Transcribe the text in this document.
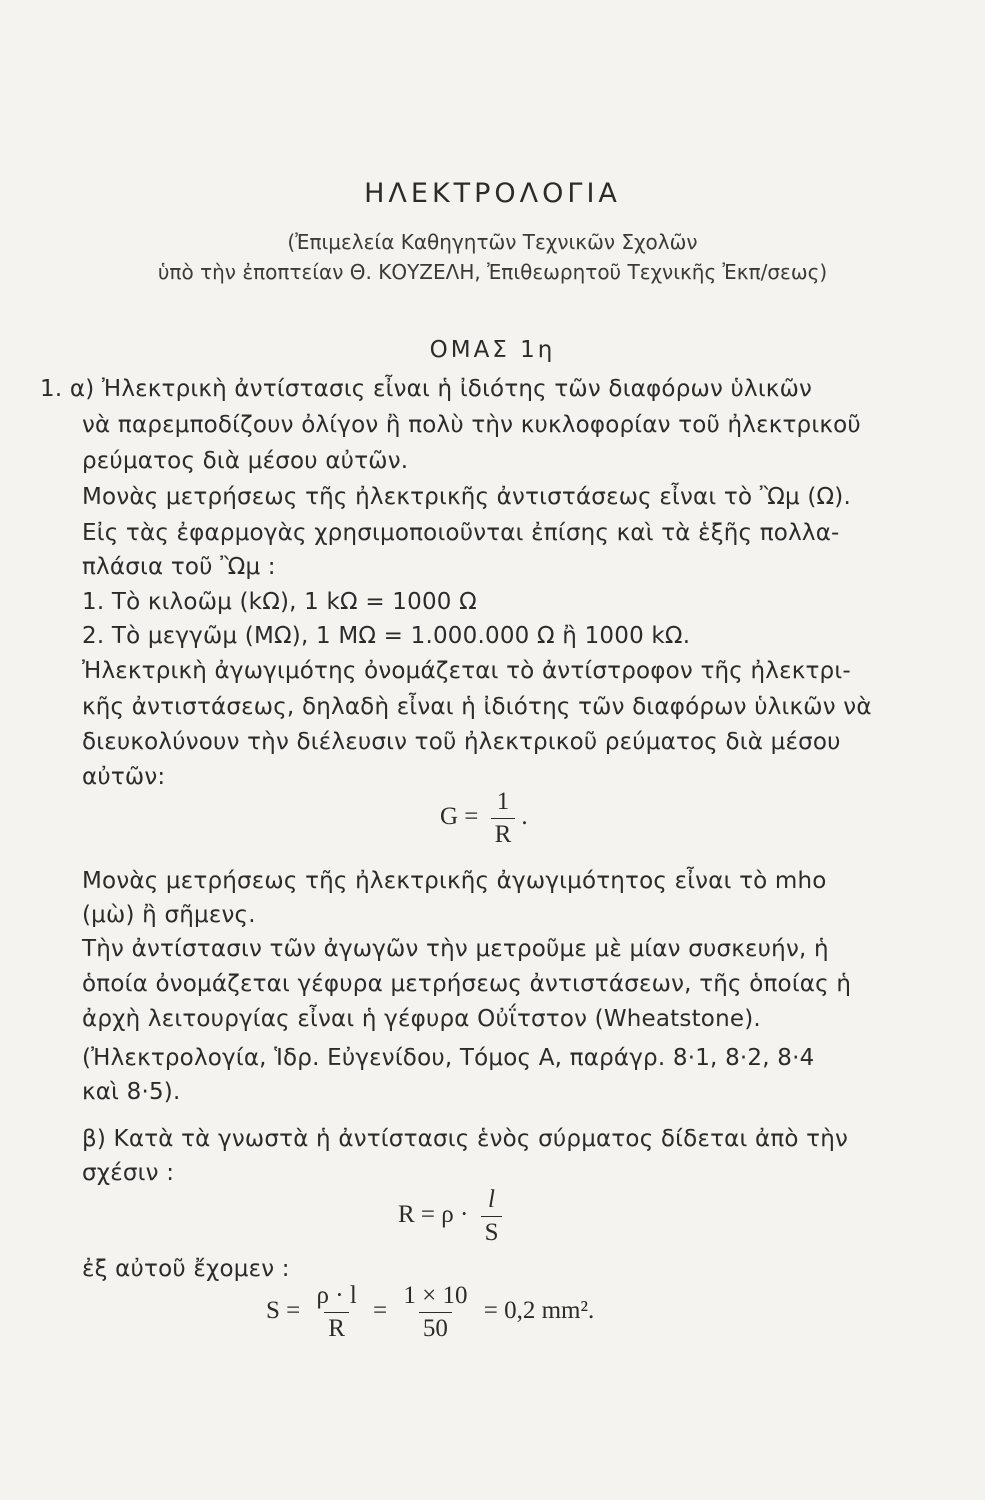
ΗΛΕΚΤΡΟΛΟΓΙΑ
(Ἐπιμελεία Καθηγητῶν Τεχνικῶν Σχολῶν
ὑπὸ τὴν ἐποπτείαν Θ. ΚΟΥΖΕΛΗ, Ἐπιθεωρητοῦ Τεχνικῆς Ἐκπ/σεως)
ΟΜΑΣ 1η
1. α) Ἠλεκτρικὴ ἀντίστασις εἶναι ἡ ἰδιότης τῶν διαφόρων ὑλικῶν
νὰ παρεμποδίζουν ὀλίγον ἢ πολὺ τὴν κυκλοφορίαν τοῦ ἠλεκτρικοῦ
ρεύματος διὰ μέσου αὐτῶν.
Μονὰς μετρήσεως τῆς ἠλεκτρικῆς ἀντιστάσεως εἶναι τὸ Ὢμ (Ω).
Εἰς τὰς ἐφαρμογὰς χρησιμοποιοῦνται ἐπίσης καὶ τὰ ἑξῆς πολλα-
πλάσια τοῦ Ὢμ :
1. Τὸ κιλοῶμ (kΩ), 1 kΩ = 1000 Ω
2. Τὸ μεγγῶμ (MΩ), 1 MΩ = 1.000.000 Ω ἢ 1000 kΩ.
Ἠλεκτρικὴ ἀγωγιμότης ὀνομάζεται τὸ ἀντίστροφον τῆς ἠλεκτρι-
κῆς ἀντιστάσεως, δηλαδὴ εἶναι ἡ ἰδιότης τῶν διαφόρων ὑλικῶν νὰ
διευκολύνουν τὴν διέλευσιν τοῦ ἠλεκτρικοῦ ρεύματος διὰ μέσου
αὐτῶν:
$G = \frac{1}{R}$ .
Μονὰς μετρήσεως τῆς ἠλεκτρικῆς ἀγωγιμότητος εἶναι τὸ mho
(μὼ) ἢ σῆμενς.
Τὴν ἀντίστασιν τῶν ἀγωγῶν τὴν μετροῦμε μὲ μίαν συσκευήν, ἡ
ὁποία ὀνομάζεται γέφυρα μετρήσεως ἀντιστάσεων, τῆς ὁποίας ἡ
ἀρχὴ λειτουργίας εἶναι ἡ γέφυρα Οὐΐτστον (Wheatstone).
(Ἠλεκτρολογία, Ἱδρ. Εὐγενίδου, Τόμος Α, παράγρ. 8·1, 8·2, 8·4
καὶ 8·5).
β) Κατὰ τὰ γνωστὰ ἡ ἀντίστασις ἑνὸς σύρματος δίδεται ἀπὸ τὴν
σχέσιν :
$R = \rho \cdot \frac{l}{S}$
ἐξ αὐτοῦ ἔχομεν :
$S = \frac{\rho \cdot l}{R} = \frac{1 \times 10}{50} = 0,2$ mm².
